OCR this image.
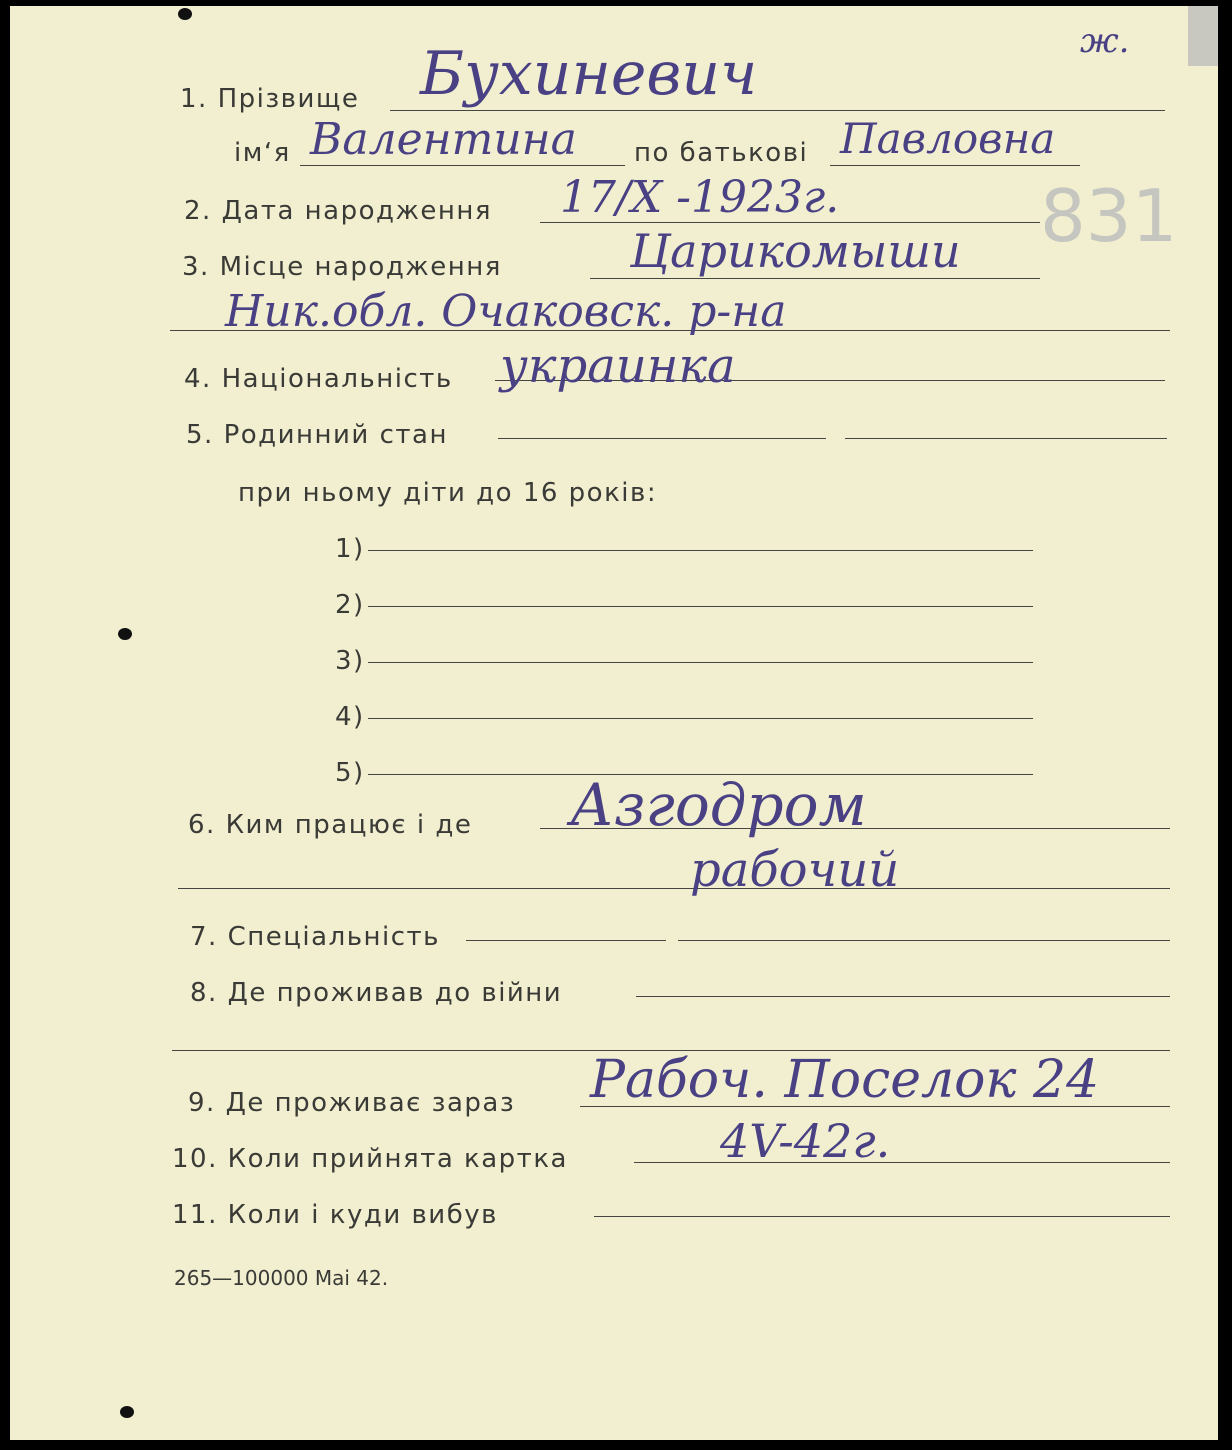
ж.
831
1. Прізвище Бухиневич
ім‘я Валентина по батькові Павловна
2. Дата народження 17/X -1923г.
3. Місце народження	Царикомыши
Ник.обл. Очаковск. р-на
4. Національність украинка
5. Родинний стан
при ньому діти до 16 років:
1)
2)
3)
4)
5)
6. Ким працює і де Азгодром
рабочий
7. Спеціальність
8. Де проживав до війни
9. Де проживає зараз Рабоч. Поселок 24
10. Коли прийнята картка	4V-42г.
11. Коли і куди вибув
265—100000 Mai 42.
